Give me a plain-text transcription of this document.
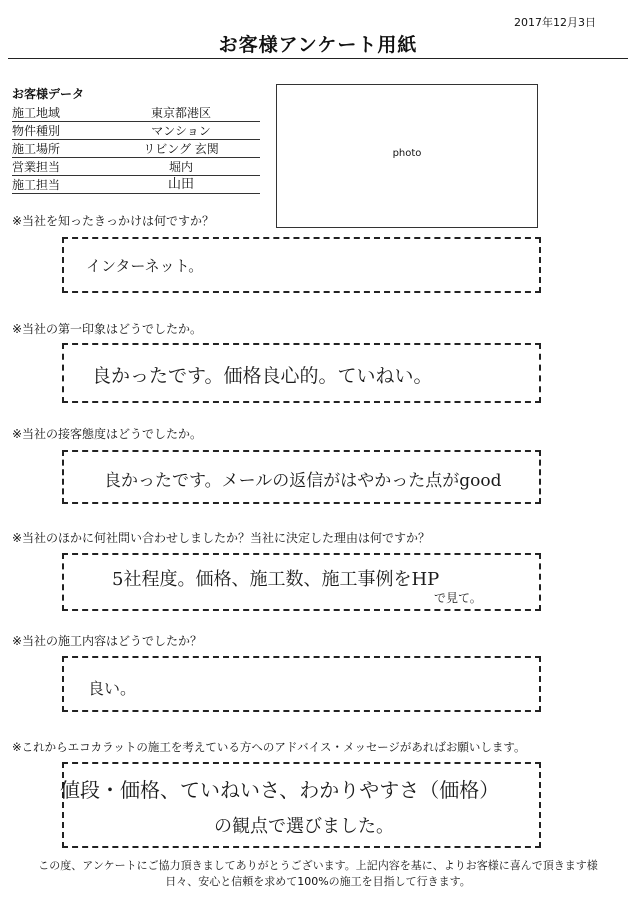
2017年12月3日
お客様アンケート用紙
お客様データ
施工地域	東京都港区
物件種別	マンション
施工場所	リビング 玄関
営業担当	堀内
施工担当	山田
photo
※当社を知ったきっかけは何ですか？
インターネット。
※当社の第一印象はどうでしたか。
良かったです。価格良心的。ていねい。
※当社の接客態度はどうでしたか。
良かったです。メールの返信がはやかった点がgood
※当社のほかに何社問い合わせしましたか？当社に決定した理由は何ですか？
5社程度。価格、施工数、施工事例をHP
で見て。
※当社の施工内容はどうでしたか？
良い。
※これからエコカラットの施工を考えている方へのアドバイス・メッセージがあればお願いします。
値段・価格、ていねいさ、わかりやすさ（価格）
の観点で選びました。
この度、アンケートにご協力頂きましてありがとうございます。上記内容を基に、よりお客様に喜んで頂きます様
日々、安心と信頼を求めて100%の施工を目指して行きます。
